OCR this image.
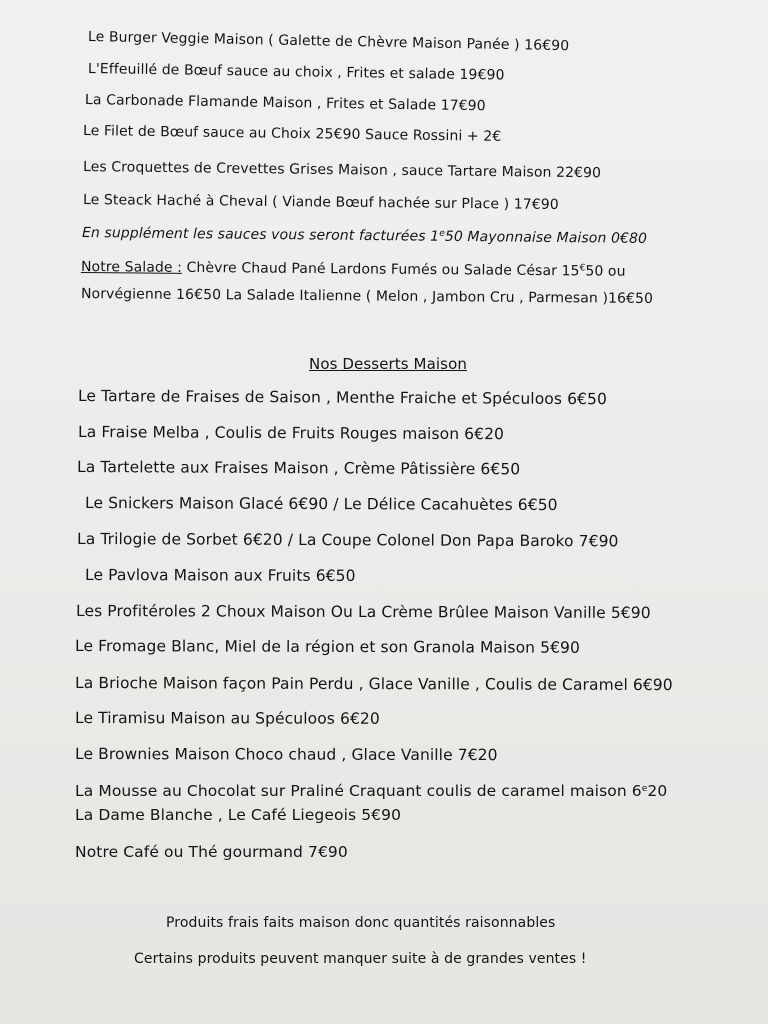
Le Burger Veggie Maison ( Galette de Chèvre Maison Panée ) 16€90
L'Effeuillé de Bœuf sauce au choix , Frites et salade 19€90
La Carbonade Flamande Maison , Frites et Salade 17€90
Le Filet de Bœuf sauce au Choix 25€90 Sauce Rossini + 2€
Les Croquettes de Crevettes Grises Maison , sauce Tartare Maison 22€90
Le Steack Haché à Cheval ( Viande Bœuf hachée sur Place ) 17€90
En supplément les sauces vous seront facturées 1e50 Mayonnaise Maison 0€80
Notre Salade : Chèvre Chaud Pané Lardons Fumés ou Salade César 15€50 ou
Norvégienne 16€50 La Salade Italienne ( Melon , Jambon Cru , Parmesan )16€50
Nos Desserts Maison
Le Tartare de Fraises de Saison , Menthe Fraiche et Spéculoos 6€50
La Fraise Melba , Coulis de Fruits Rouges maison 6€20
La Tartelette aux Fraises Maison , Crème Pâtissière 6€50
Le Snickers Maison Glacé 6€90 / Le Délice Cacahuètes 6€50
La Trilogie de Sorbet 6€20 / La Coupe Colonel Don Papa Baroko 7€90
Le Pavlova Maison aux Fruits 6€50
Les Profitéroles 2 Choux Maison Ou La Crème Brûlee Maison Vanille 5€90
Le Fromage Blanc, Miel de la région et son Granola Maison 5€90
La Brioche Maison façon Pain Perdu , Glace Vanille , Coulis de Caramel 6€90
Le Tiramisu Maison au Spéculoos 6€20
Le Brownies Maison Choco chaud , Glace Vanille 7€20
La Mousse au Chocolat sur Praliné Craquant coulis de caramel maison 6e20
La Dame Blanche , Le Café Liegeois 5€90
Notre Café ou Thé gourmand 7€90
Produits frais faits maison donc quantités raisonnables
Certains produits peuvent manquer suite à de grandes ventes !
